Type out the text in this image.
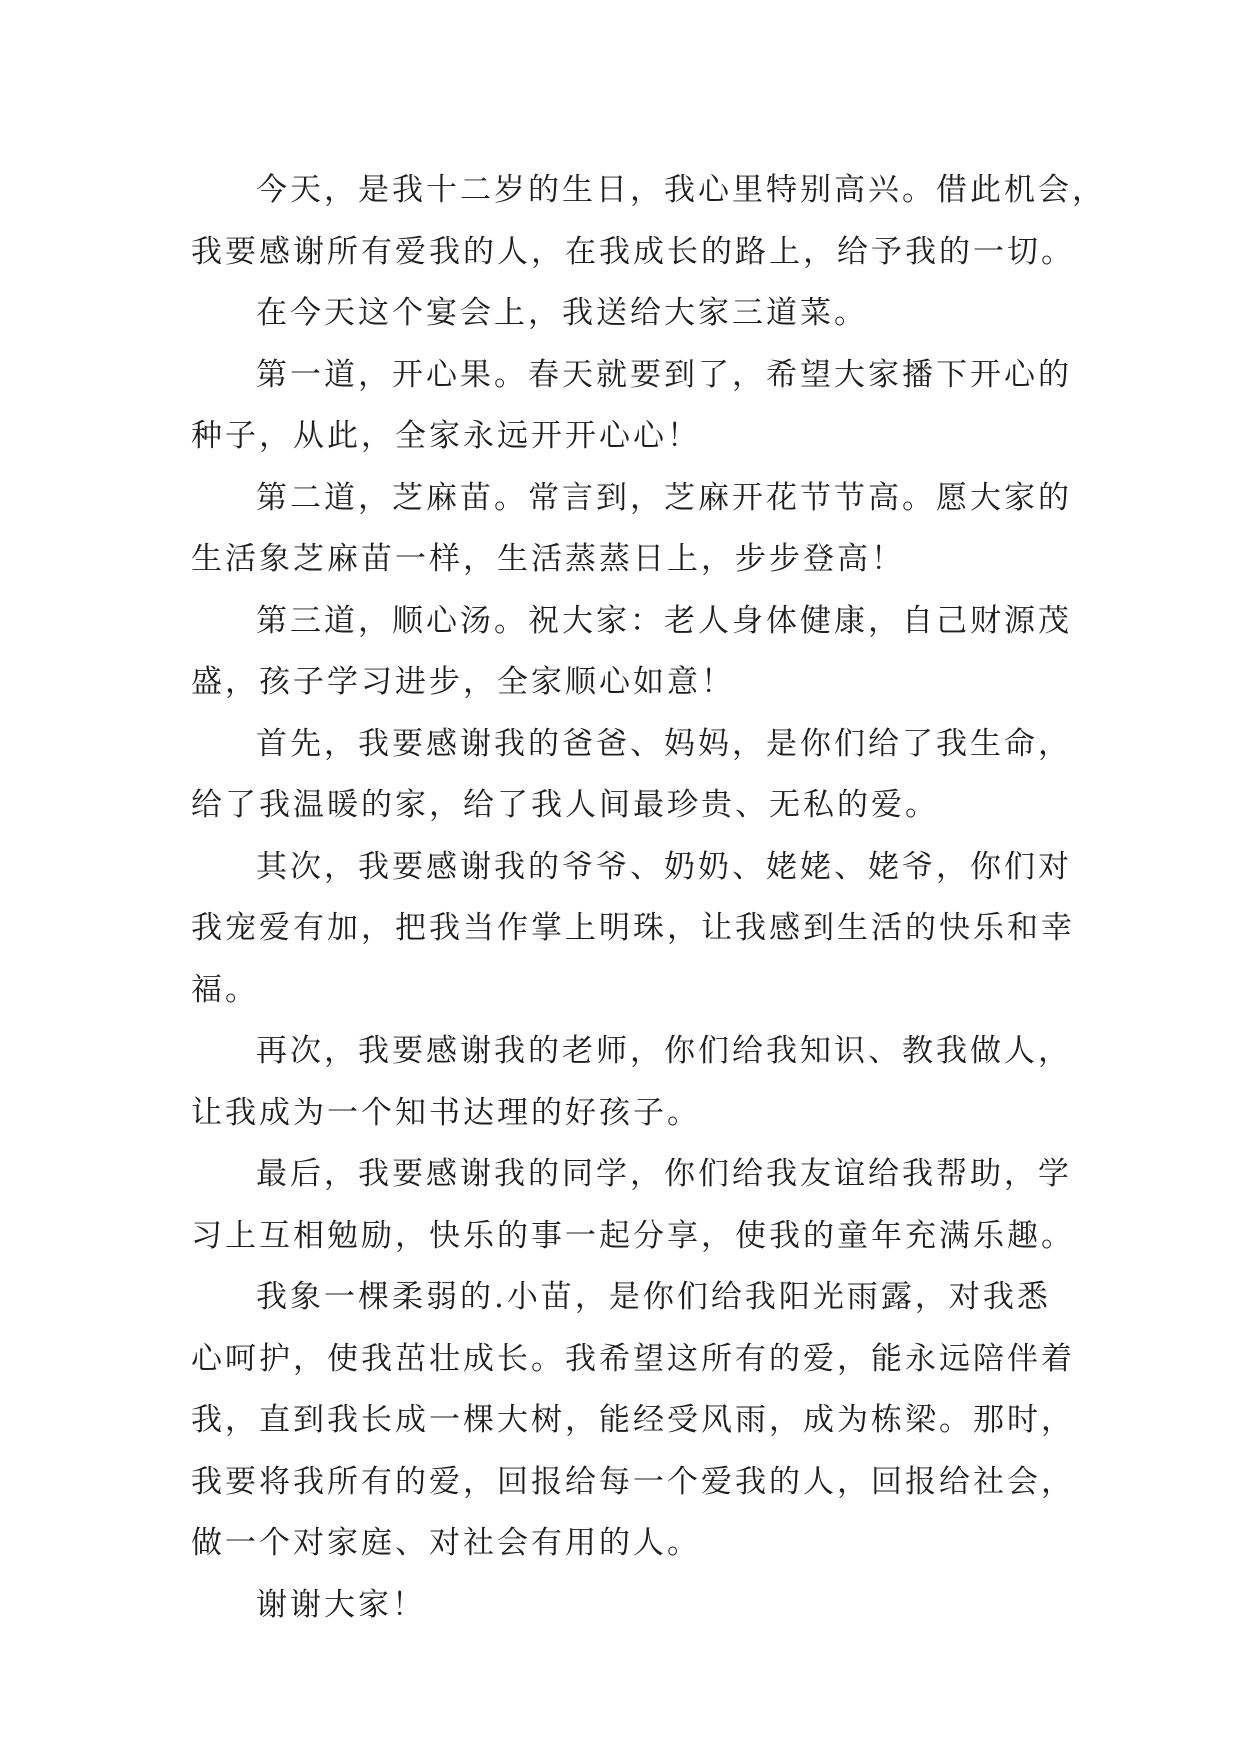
今天，是我十二岁的生日，我心里特别高兴。借此机会，
我要感谢所有爱我的人，在我成长的路上，给予我的一切。
在今天这个宴会上，我送给大家三道菜。
第一道，开心果。春天就要到了，希望大家播下开心的
种子，从此，全家永远开开心心！
第二道，芝麻苗。常言到，芝麻开花节节高。愿大家的
生活象芝麻苗一样，生活蒸蒸日上，步步登高！
第三道，顺心汤。祝大家：老人身体健康，自己财源茂
盛，孩子学习进步，全家顺心如意！
首先，我要感谢我的爸爸、妈妈，是你们给了我生命，
给了我温暖的家，给了我人间最珍贵、无私的爱。
其次，我要感谢我的爷爷、奶奶、姥姥、姥爷，你们对
我宠爱有加，把我当作掌上明珠，让我感到生活的快乐和幸
福。
再次，我要感谢我的老师，你们给我知识、教我做人，
让我成为一个知书达理的好孩子。
最后，我要感谢我的同学，你们给我友谊给我帮助，学
习上互相勉励，快乐的事一起分享，使我的童年充满乐趣。
我象一棵柔弱的.小苗，是你们给我阳光雨露，对我悉
心呵护，使我茁壮成长。我希望这所有的爱，能永远陪伴着
我，直到我长成一棵大树，能经受风雨，成为栋梁。那时，
我要将我所有的爱，回报给每一个爱我的人，回报给社会，
做一个对家庭、对社会有用的人。
谢谢大家！
